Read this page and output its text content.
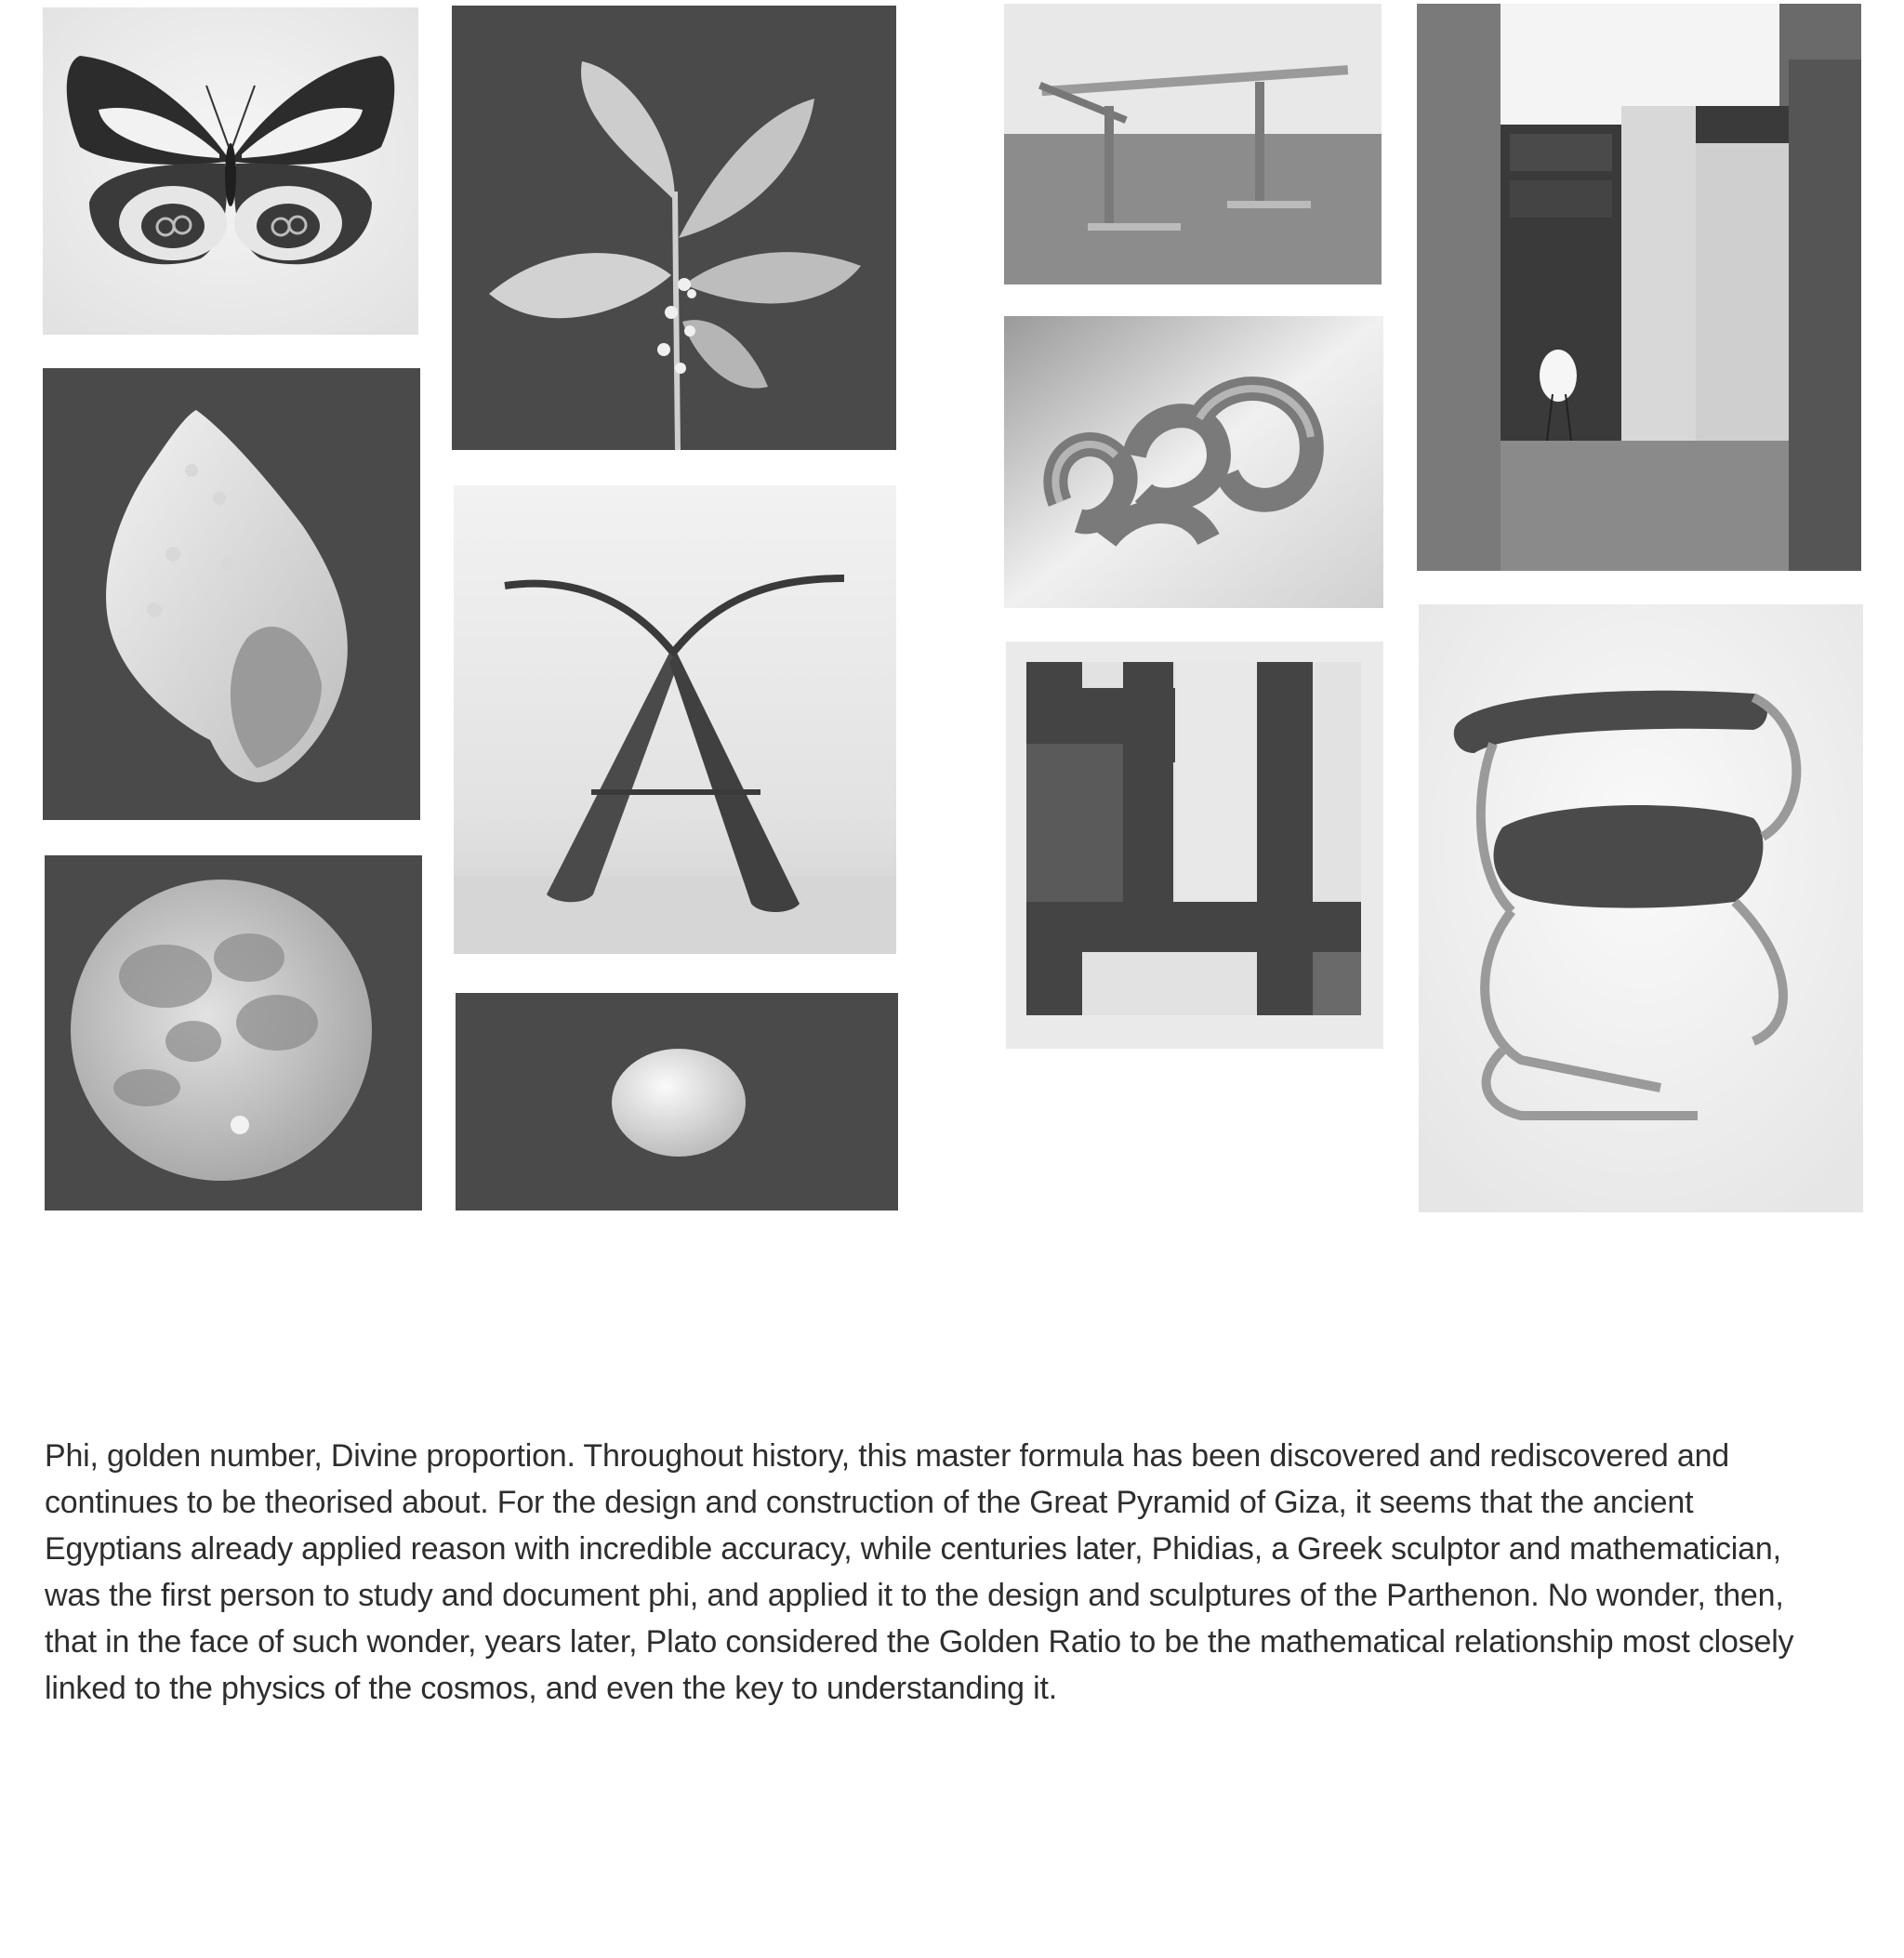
Phi, golden number, Divine proportion. Throughout history, this master formula has been discovered and rediscovered and continues to be theorised about. For the design and construction of the Great Pyramid of Giza, it seems that the ancient Egyptians already applied reason with incredible accuracy, while centuries later, Phidias, a Greek sculptor and mathematician, was the first person to study and document phi, and applied it to the design and sculptures of the Parthenon. No wonder, then, that in the face of such wonder, years later, Plato considered the Golden Ratio to be the mathematical relationship most closely linked to the physics of the cosmos, and even the key to understanding it.
